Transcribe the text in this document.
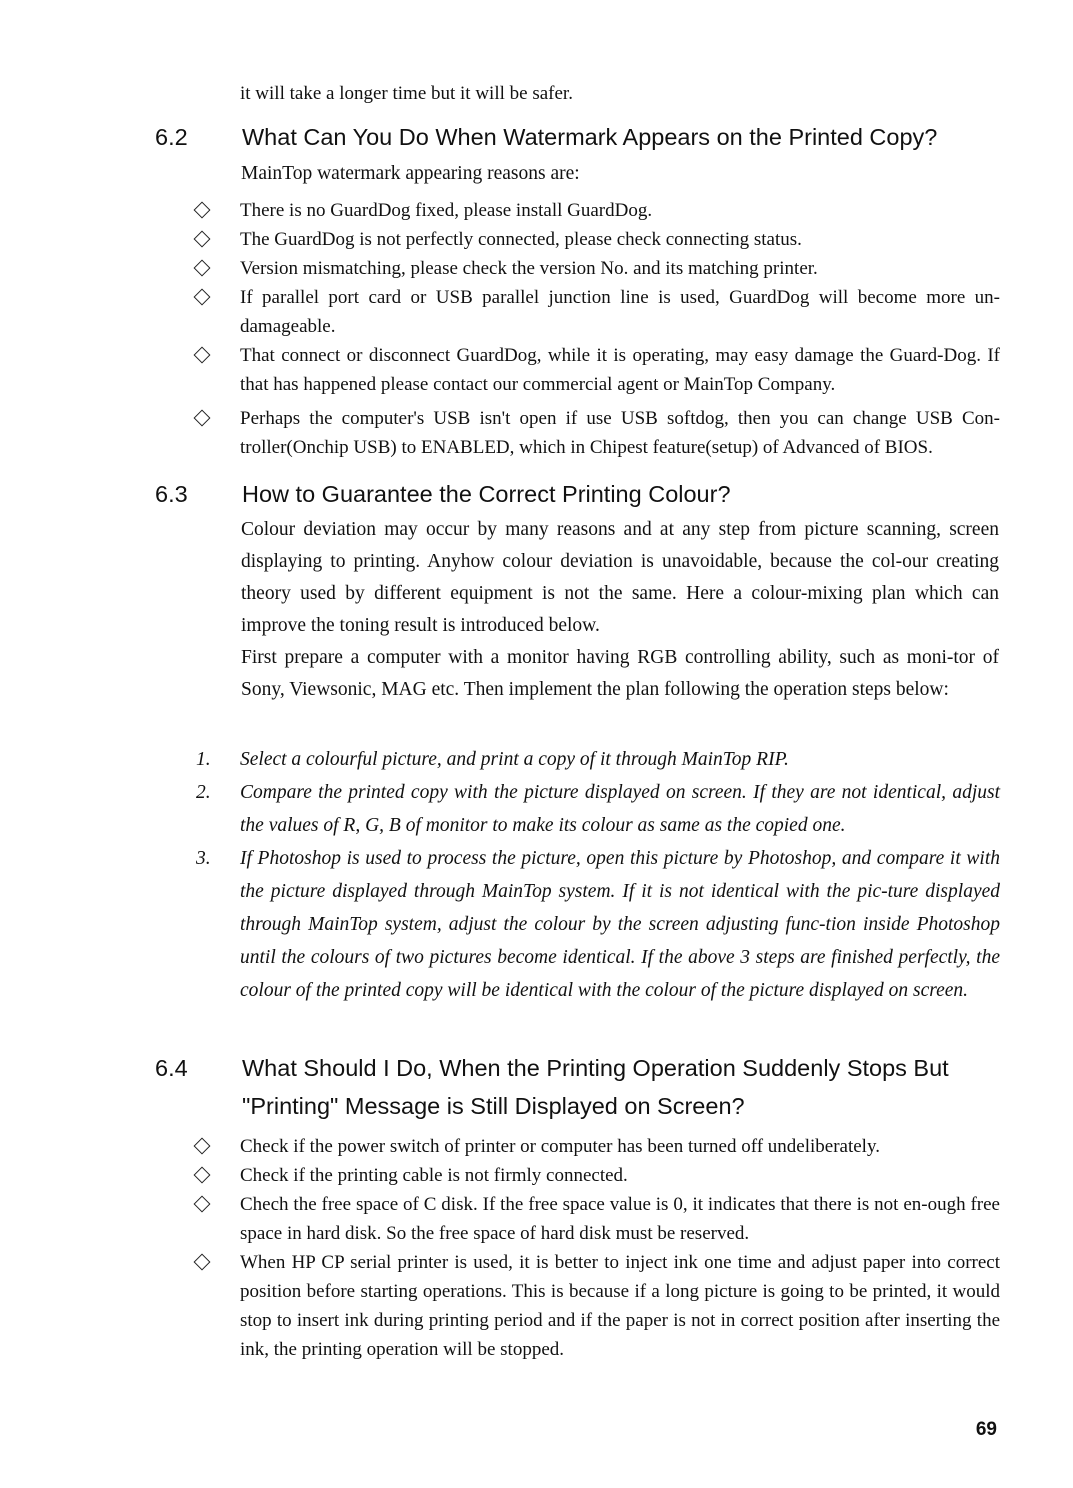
it will take a longer time but it will be safer.
6.2	What Can You Do When Watermark Appears on the Printed Copy?
MainTop watermark appearing reasons are:
There is no GuardDog fixed, please install GuardDog.
The GuardDog is not perfectly connected, please check connecting status.
Version mismatching, please check the version No. and its matching printer.
If parallel port card or USB parallel junction line is used, GuardDog will become more un-damageable.
That connect or disconnect GuardDog, while it is operating, may easy damage the Guard-Dog. If that has happened please contact our commercial agent or MainTop Company.
Perhaps the computer's USB isn't open if use USB softdog, then you can change USB Con-troller(Onchip USB) to ENABLED, which in Chipest feature(setup) of Advanced of BIOS.
6.3	How to Guarantee the Correct Printing Colour?
Colour deviation may occur by many reasons and at any step from picture scanning, screen displaying to printing. Anyhow colour deviation is unavoidable, because the col-our creating theory used by different equipment is not the same. Here a colour-mixing plan which can improve the toning result is introduced below.
First prepare a computer with a monitor having RGB controlling ability, such as moni-tor of Sony, Viewsonic, MAG etc. Then implement the plan following the operation steps below:
1. Select a colourful picture, and print a copy of it through MainTop RIP.
2. Compare the printed copy with the picture displayed on screen. If they are not identical, adjust the values of R, G, B of monitor to make its colour as same as the copied one.
3. If Photoshop is used to process the picture, open this picture by Photoshop, and compare it with the picture displayed through MainTop system. If it is not identical with the pic-ture displayed through MainTop system, adjust the colour by the screen adjusting func-tion inside Photoshop until the colours of two pictures become identical. If the above 3 steps are finished perfectly, the colour of the printed copy will be identical with the colour of the picture displayed on screen.
6.4	What Should I Do, When the Printing Operation Suddenly Stops But
"Printing" Message is Still Displayed on Screen?
Check if the power switch of printer or computer has been turned off undeliberately.
Check if the printing cable is not firmly connected.
Chech the free space of C disk. If the free space value is 0, it indicates that there is not en-ough free space in hard disk. So the free space of hard disk must be reserved.
When HP CP serial printer is used, it is better to inject ink one time and adjust paper into correct position before starting operations. This is because if a long picture is going to be printed, it would stop to insert ink during printing period and if the paper is not in correct position after inserting the ink, the printing operation will be stopped.
69
